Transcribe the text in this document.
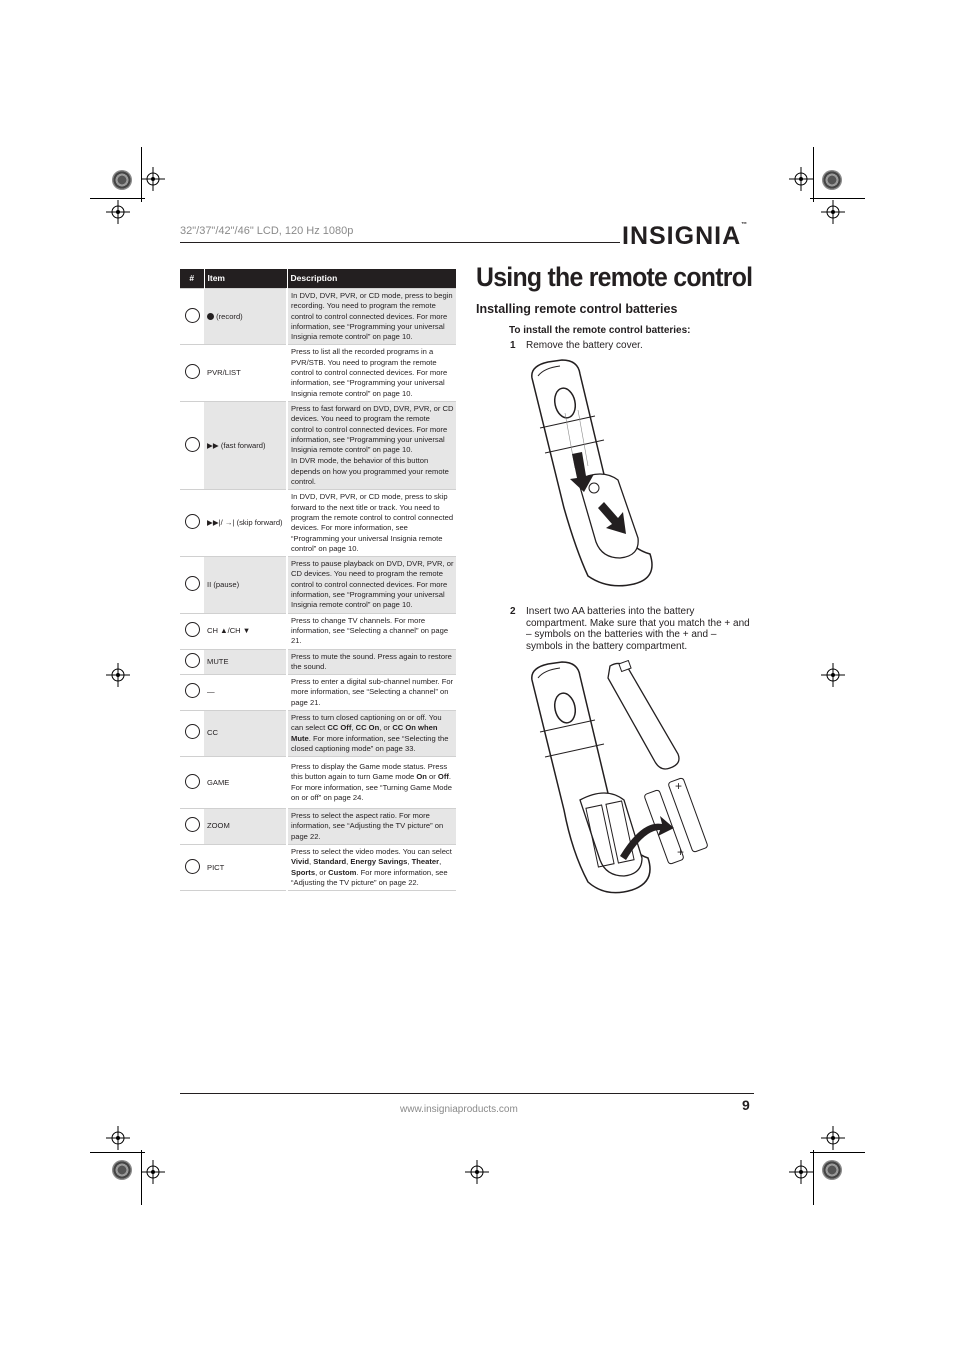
32"/37"/42"/46" LCD, 120 Hz 1080p	INSIGNIA™
#	Item	Description
	(record)	In DVD, DVR, PVR, or CD mode, press to begin recording. You need to program the remote control to control connected devices. For more information, see “Programming your universal Insignia remote control” on page 10.

	PVR/LIST	Press to list all the recorded programs in a PVR/STB. You need to program the remote control to control connected devices. For more information, see “Programming your universal Insignia remote control” on page 10.

	▶▶ (fast forward)	Press to fast forward on DVD, DVR, PVR, or CD devices. You need to program the remote control to control connected devices. For more information, see “Programming your universal Insignia remote control” on page 10.

In DVR mode, the behavior of this button depends on how you programmed your remote control.

	▶▶|/ →| (skip forward)	In DVD, DVR, PVR, or CD mode, press to skip forward to the next title or track. You need to program the remote control to control connected devices. For more information, see “Programming your universal Insignia remote control” on page 10.

	II (pause)	Press to pause playback on DVD, DVR, PVR, or CD devices. You need to program the remote control to control connected devices. For more information, see “Programming your universal Insignia remote control” on page 10.

	CH ▲/CH ▼	Press to change TV channels. For more information, see “Selecting a channel” on page 21.

	MUTE	Press to mute the sound. Press again to restore the sound.

	—	Press to enter a digital sub-channel number. For more information, see “Selecting a channel” on page 21.

	CC	Press to turn closed captioning on or off. You can select CC Off, CC On, or CC On when Mute. For more information, see “Selecting the closed captioning mode” on page 33.

	GAME	Press to display the Game mode status. Press this button again to turn Game mode On or Off. For more information, see “Turning Game Mode on or off” on page 24.

	ZOOM	Press to select the aspect ratio. For more information, see “Adjusting the TV picture” on page 22.

	PICT	Press to select the video modes. You can select Vivid, Standard, Energy Savings, Theater, Sports, or Custom. For more information, see “Adjusting the TV picture” on page 22.

Using the remote control
Installing remote control batteries
To install the remote control batteries:
1 Remove the battery cover.
2 Insert two AA batteries into the battery compartment. Make sure that you match the + and – symbols on the batteries with the + and – symbols in the battery compartment.
+
+
www.insigniaproducts.com	9
